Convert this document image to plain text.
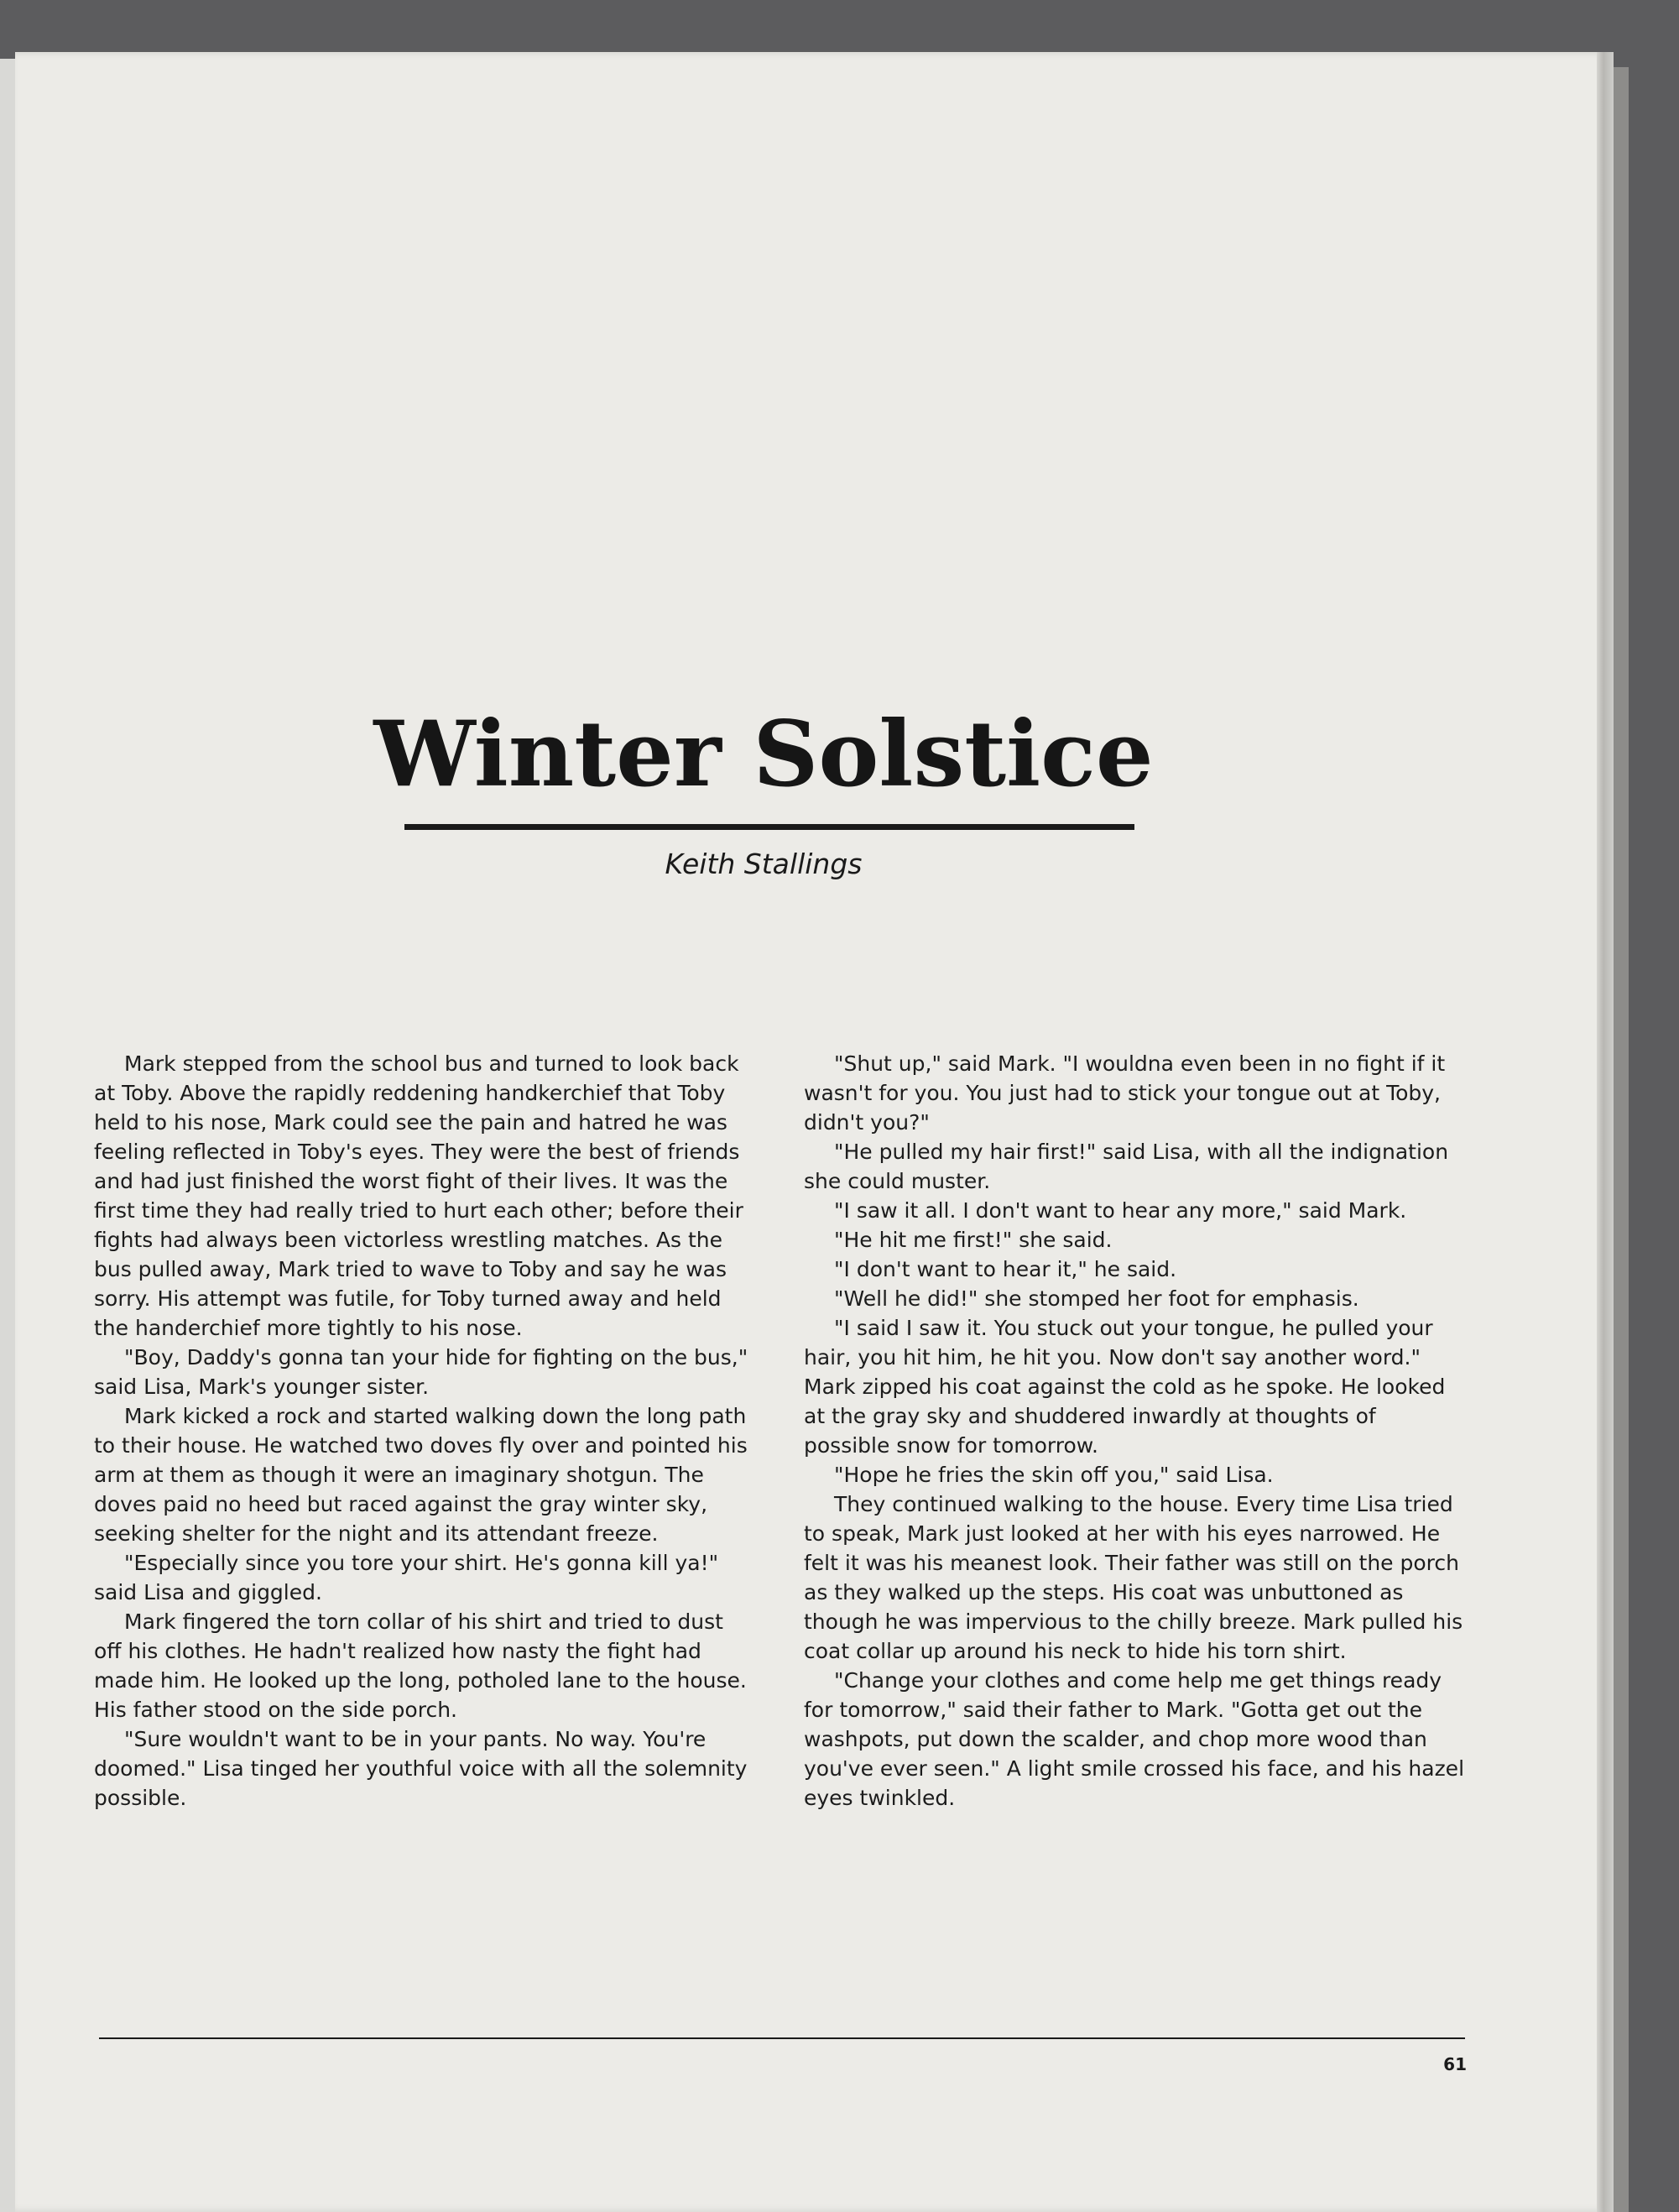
Winter Solstice
Keith Stallings

Mark stepped from the school bus and turned to look back at Toby. Above the rapidly reddening handkerchief that Toby held to his nose, Mark could see the pain and hatred he was feeling reflected in Toby's eyes. They were the best of friends and had just finished the worst fight of their lives. It was the first time they had really tried to hurt each other; before their fights had always been victorless wrestling matches. As the bus pulled away, Mark tried to wave to Toby and say he was sorry. His attempt was futile, for Toby turned away and held the handerchief more tightly to his nose.

"Boy, Daddy's gonna tan your hide for fighting on the bus," said Lisa, Mark's younger sister.

Mark kicked a rock and started walking down the long path to their house. He watched two doves fly over and pointed his arm at them as though it were an imaginary shotgun. The doves paid no heed but raced against the gray winter sky, seeking shelter for the night and its attendant freeze.

"Especially since you tore your shirt. He's gonna kill ya!" said Lisa and giggled.

Mark fingered the torn collar of his shirt and tried to dust off his clothes. He hadn't realized how nasty the fight had made him. He looked up the long, potholed lane to the house. His father stood on the side porch.

"Sure wouldn't want to be in your pants. No way. You're doomed." Lisa tinged her youthful voice with all the solemnity possible.

"Shut up," said Mark. "I wouldna even been in no fight if it wasn't for you. You just had to stick your tongue out at Toby, didn't you?"

"He pulled my hair first!" said Lisa, with all the indignation she could muster.

"I saw it all. I don't want to hear any more," said Mark.

"He hit me first!" she said.

"I don't want to hear it," he said.

"Well he did!" she stomped her foot for emphasis.

"I said I saw it. You stuck out your tongue, he pulled your hair, you hit him, he hit you. Now don't say another word." Mark zipped his coat against the cold as he spoke. He looked at the gray sky and shuddered inwardly at thoughts of possible snow for tomorrow.

"Hope he fries the skin off you," said Lisa.

They continued walking to the house. Every time Lisa tried to speak, Mark just looked at her with his eyes narrowed. He felt it was his meanest look. Their father was still on the porch as they walked up the steps. His coat was unbuttoned as though he was impervious to the chilly breeze. Mark pulled his coat collar up around his neck to hide his torn shirt.

"Change your clothes and come help me get things ready for tomorrow," said their father to Mark. "Gotta get out the washpots, put down the scalder, and chop more wood than you've ever seen." A light smile crossed his face, and his hazel eyes twinkled.

61
